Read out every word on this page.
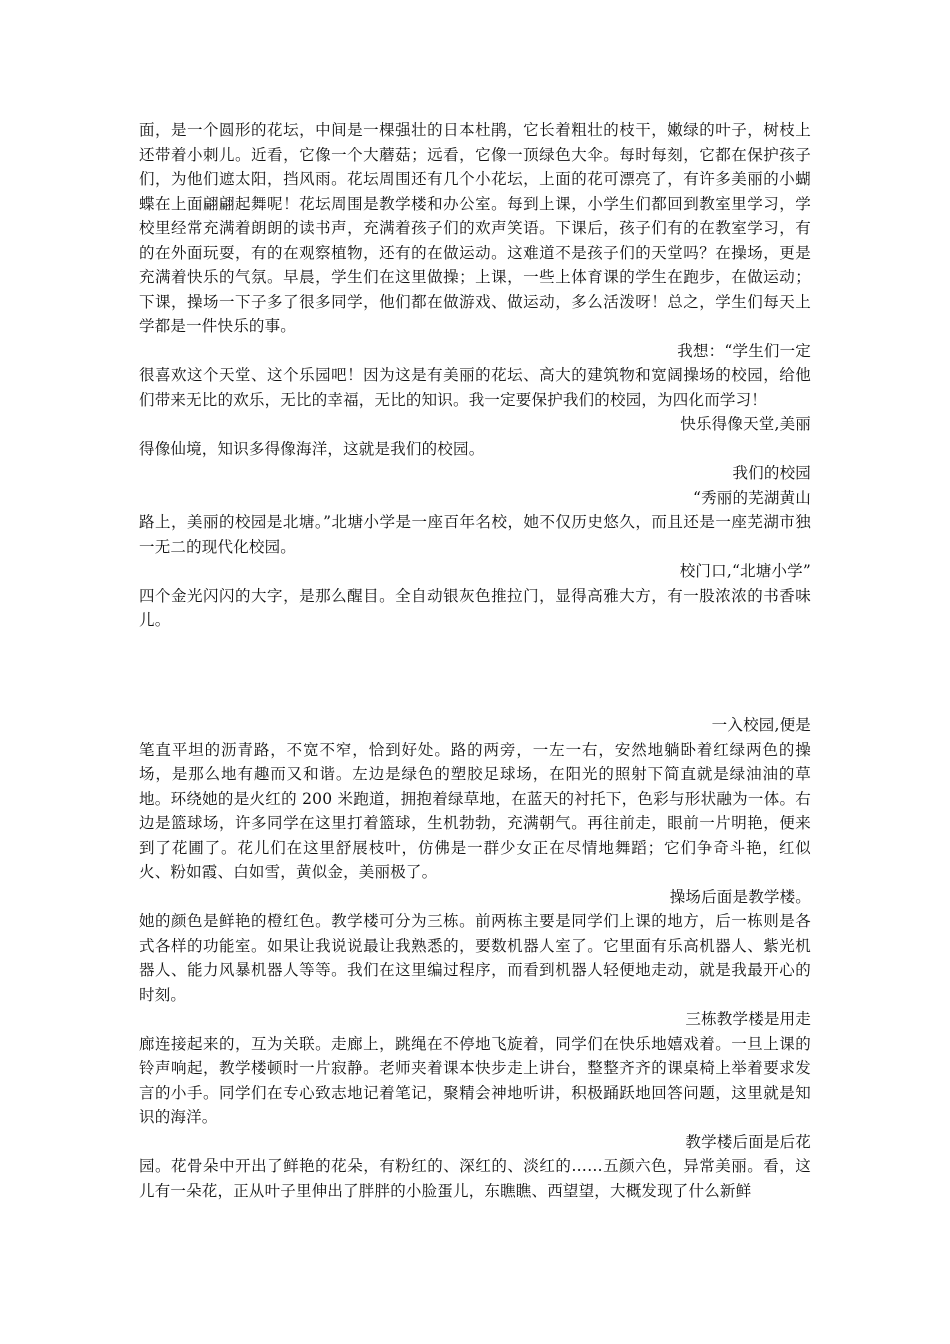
面，是一个圆形的花坛，中间是一棵强壮的日本杜鹃，它长着粗壮的枝干，嫩绿的叶子，树枝上还带着小刺儿。近看，它像一个大蘑菇；远看，它像一顶绿色大伞。每时每刻，它都在保护孩子们，为他们遮太阳，挡风雨。花坛周围还有几个小花坛，上面的花可漂亮了，有许多美丽的小蝴蝶在上面翩翩起舞呢！花坛周围是教学楼和办公室。每到上课，小学生们都回到教室里学习，学校里经常充满着朗朗的读书声，充满着孩子们的欢声笑语。下课后，孩子们有的在教室学习，有的在外面玩耍，有的在观察植物，还有的在做运动。这难道不是孩子们的天堂吗？在操场，更是充满着快乐的气氛。早晨，学生们在这里做操；上课，一些上体育课的学生在跑步，在做运动；下课，操场一下子多了很多同学，他们都在做游戏、做运动，多么活泼呀！总之，学生们每天上学都是一件快乐的事。

我想：“学生们一定

很喜欢这个天堂、这个乐园吧！因为这是有美丽的花坛、高大的建筑物和宽阔操场的校园，给他们带来无比的欢乐，无比的幸福，无比的知识。我一定要保护我们的校园，为四化而学习！

快乐得像天堂,美丽

得像仙境，知识多得像海洋，这就是我们的校园。

我们的校园

“秀丽的芜湖黄山

路上，美丽的校园是北塘。”北塘小学是一座百年名校，她不仅历史悠久，而且还是一座芜湖市独一无二的现代化校园。

校门口,“北塘小学”

四个金光闪闪的大字，是那么醒目。全自动银灰色推拉门，显得高雅大方，有一股浓浓的书香味儿。

一入校园,便是

笔直平坦的沥青路，不宽不窄，恰到好处。路的两旁，一左一右，安然地躺卧着红绿两色的操场，是那么地有趣而又和谐。左边是绿色的塑胶足球场，在阳光的照射下简直就是绿油油的草地。环绕她的是火红的 200 米跑道，拥抱着绿草地，在蓝天的衬托下，色彩与形状融为一体。右边是篮球场，许多同学在这里打着篮球，生机勃勃，充满朝气。再往前走，眼前一片明艳，便来到了花圃了。花儿们在这里舒展枝叶，仿佛是一群少女正在尽情地舞蹈；它们争奇斗艳，红似火、粉如霞、白如雪，黄似金，美丽极了。

操场后面是教学楼。

她的颜色是鲜艳的橙红色。教学楼可分为三栋。前两栋主要是同学们上课的地方，后一栋则是各式各样的功能室。如果让我说说最让我熟悉的，要数机器人室了。它里面有乐高机器人、紫光机器人、能力风暴机器人等等。我们在这里编过程序，而看到机器人轻便地走动，就是我最开心的时刻。

三栋教学楼是用走

廊连接起来的，互为关联。走廊上，跳绳在不停地飞旋着，同学们在快乐地嬉戏着。一旦上课的铃声响起，教学楼顿时一片寂静。老师夹着课本快步走上讲台，整整齐齐的课桌椅上举着要求发言的小手。同学们在专心致志地记着笔记，聚精会神地听讲，积极踊跃地回答问题，这里就是知识的海洋。

教学楼后面是后花

园。花骨朵中开出了鲜艳的花朵，有粉红的、深红的、淡红的……五颜六色，异常美丽。看，这儿有一朵花，正从叶子里伸出了胖胖的小脸蛋儿，东瞧瞧、西望望，大概发现了什么新鲜
